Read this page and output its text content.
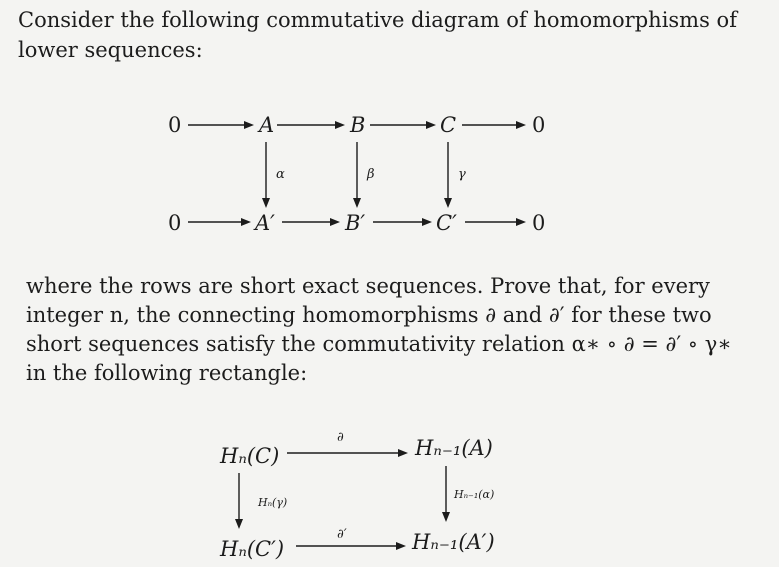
Consider the following commutative diagram of homomorphisms of
lower sequences:
0	A	B	C	0
α	β	γ
0	A′	B′	C′	0
Hₙ(C)	Hₙ₋₁(A)
Hₙ(C′)	Hₙ₋₁(A′)
∂
∂′
Hₙ(γ)
Hₙ₋₁(α)
where the rows are short exact sequences. Prove that, for every
integer n, the connecting homomorphisms ∂ and ∂′ for these two
short sequences satisfy the commutativity relation α∗ ∘ ∂ = ∂′ ∘ γ∗
in the following rectangle:
